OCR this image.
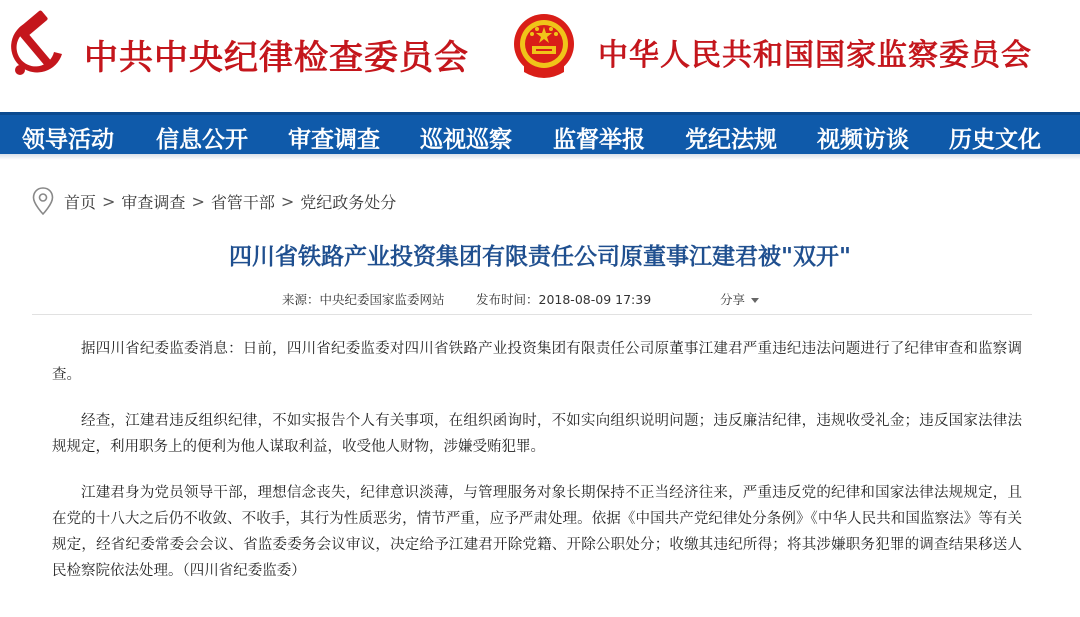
中共中央纪律检查委员会	中华人民共和国国家监察委员会
领导活动 信息公开 审查调查 巡视巡察 监督举报 党纪法规 视频访谈 历史文化
首页 > 审查调查 > 省管干部 > 党纪政务处分
四川省铁路产业投资集团有限责任公司原董事江建君被"双开"
来源：中央纪委国家监委网站	发布时间：2018-08-09 17:39	分享

据四川省纪委监委消息：日前，四川省纪委监委对四川省铁路产业投资集团有限责任公司原董事江建君严重违纪违法问题进行了纪律审查和监察调查。

经查，江建君违反组织纪律，不如实报告个人有关事项，在组织函询时，不如实向组织说明问题；违反廉洁纪律，违规收受礼金；违反国家法律法规规定，利用职务上的便利为他人谋取利益，收受他人财物，涉嫌受贿犯罪。

江建君身为党员领导干部，理想信念丧失，纪律意识淡薄，与管理服务对象长期保持不正当经济往来，严重违反党的纪律和国家法律法规规定，且在党的十八大之后仍不收敛、不收手，其行为性质恶劣，情节严重，应予严肃处理。依据《中国共产党纪律处分条例》《中华人民共和国监察法》等有关规定，经省纪委常委会会议、省监委委务会议审议，决定给予江建君开除党籍、开除公职处分；收缴其违纪所得；将其涉嫌职务犯罪的调查结果移送人民检察院依法处理。（四川省纪委监委）
